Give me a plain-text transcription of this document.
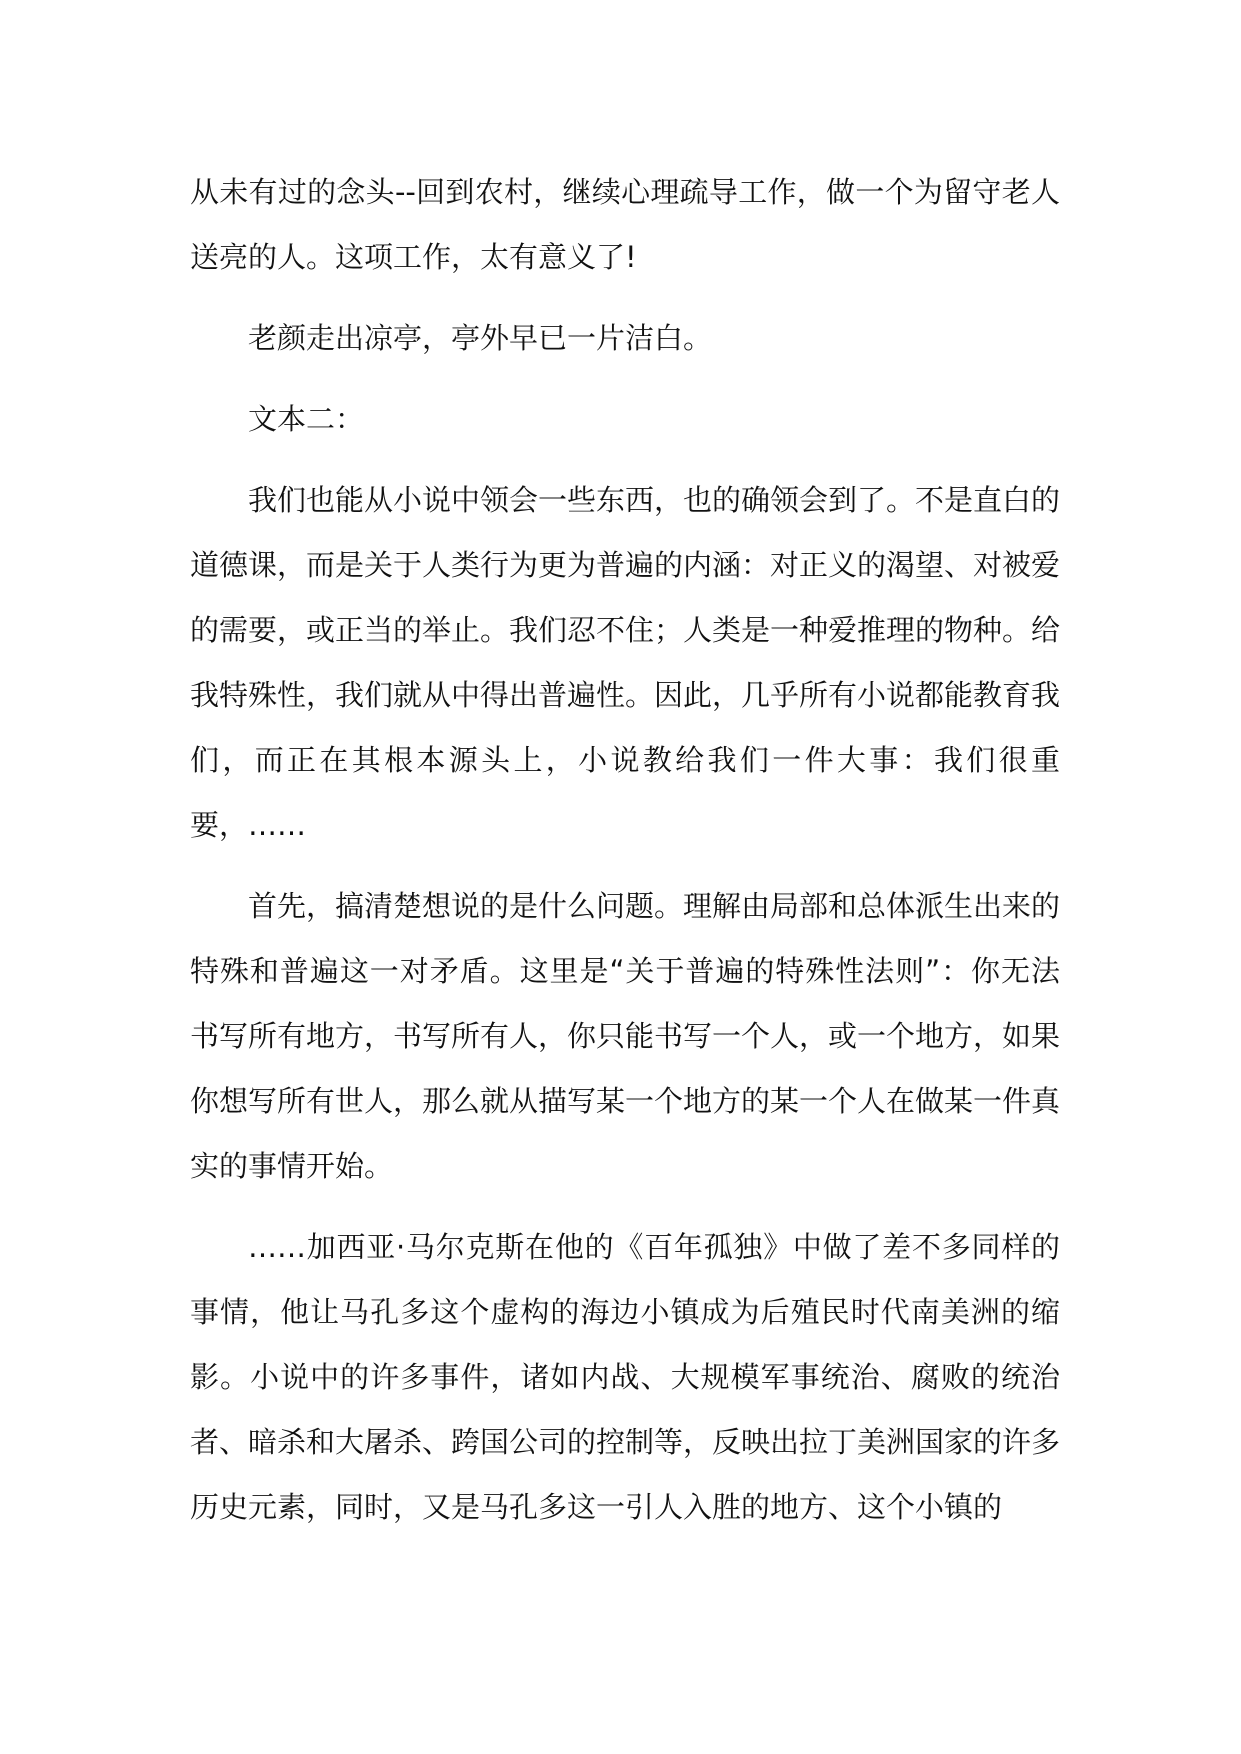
从未有过的念头--回到农村，继续心理疏导工作，做一个为留守老人送亮的人。这项工作，太有意义了!

老颜走出凉亭，亭外早已一片洁白。

文本二：

我们也能从小说中领会一些东西，也的确领会到了。不是直白的道德课，而是关于人类行为更为普遍的内涵：对正义的渴望、对被爱的需要，或正当的举止。我们忍不住；人类是一种爱推理的物种。给我特殊性，我们就从中得出普遍性。因此，几乎所有小说都能教育我们，而正在其根本源头上，小说教给我们一件大事：我们很重要，……

首先，搞清楚想说的是什么问题。理解由局部和总体派生出来的特殊和普遍这一对矛盾。这里是“关于普遍的特殊性法则”：你无法书写所有地方，书写所有人，你只能书写一个人，或一个地方，如果你想写所有世人，那么就从描写某一个地方的某一个人在做某一件真实的事情开始。

……加西亚·马尔克斯在他的《百年孤独》中做了差不多同样的事情，他让马孔多这个虚构的海边小镇成为后殖民时代南美洲的缩影。小说中的许多事件，诸如内战、大规模军事统治、腐败的统治者、暗杀和大屠杀、跨国公司的控制等，反映出拉丁美洲国家的许多历史元素，同时，又是马孔多这一引人入胜的地方、这个小镇的
